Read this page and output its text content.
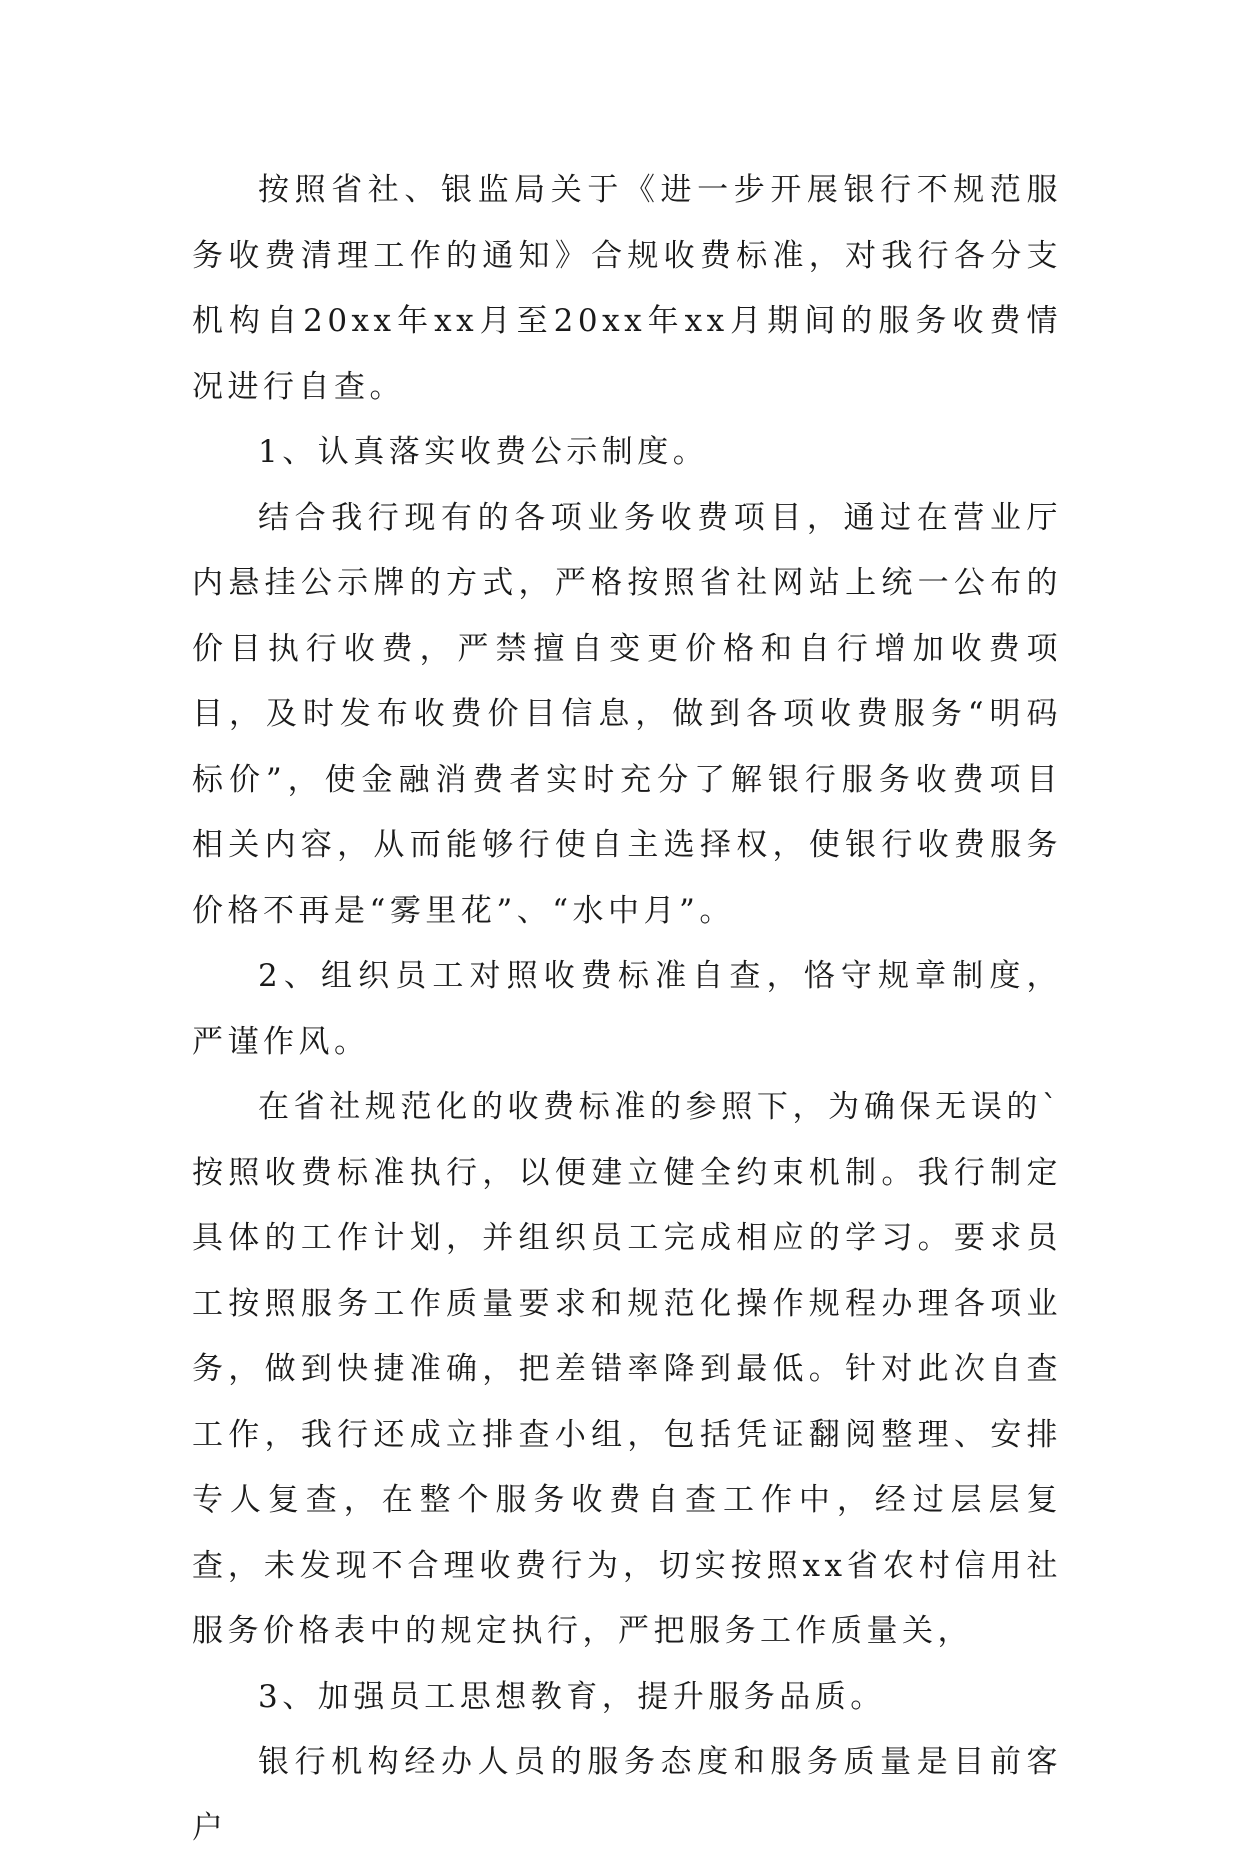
按照省社、银监局关于《进一步开展银行不规范服务收费清理工作的通知》合规收费标准，对我行各分支机构自20xx年xx月至20xx年xx月期间的服务收费情况进行自查。

1、认真落实收费公示制度。

结合我行现有的各项业务收费项目，通过在营业厅内悬挂公示牌的方式，严格按照省社网站上统一公布的价目执行收费，严禁擅自变更价格和自行增加收费项目，及时发布收费价目信息，做到各项收费服务“明码标价”，使金融消费者实时充分了解银行服务收费项目相关内容，从而能够行使自主选择权，使银行收费服务价格不再是“雾里花”、“水中月”。

2、组织员工对照收费标准自查，恪守规章制度，严谨作风。

在省社规范化的收费标准的参照下，为确保无误的`按照收费标准执行，以便建立健全约束机制。我行制定具体的工作计划，并组织员工完成相应的学习。要求员工按照服务工作质量要求和规范化操作规程办理各项业务，做到快捷准确，把差错率降到最低。针对此次自查工作，我行还成立排查小组，包括凭证翻阅整理、安排专人复查，在整个服务收费自查工作中，经过层层复查，未发现不合理收费行为，切实按照xx省农村信用社服务价格表中的规定执行，严把服务工作质量关，

3、加强员工思想教育，提升服务品质。

银行机构经办人员的服务态度和服务质量是目前客户
